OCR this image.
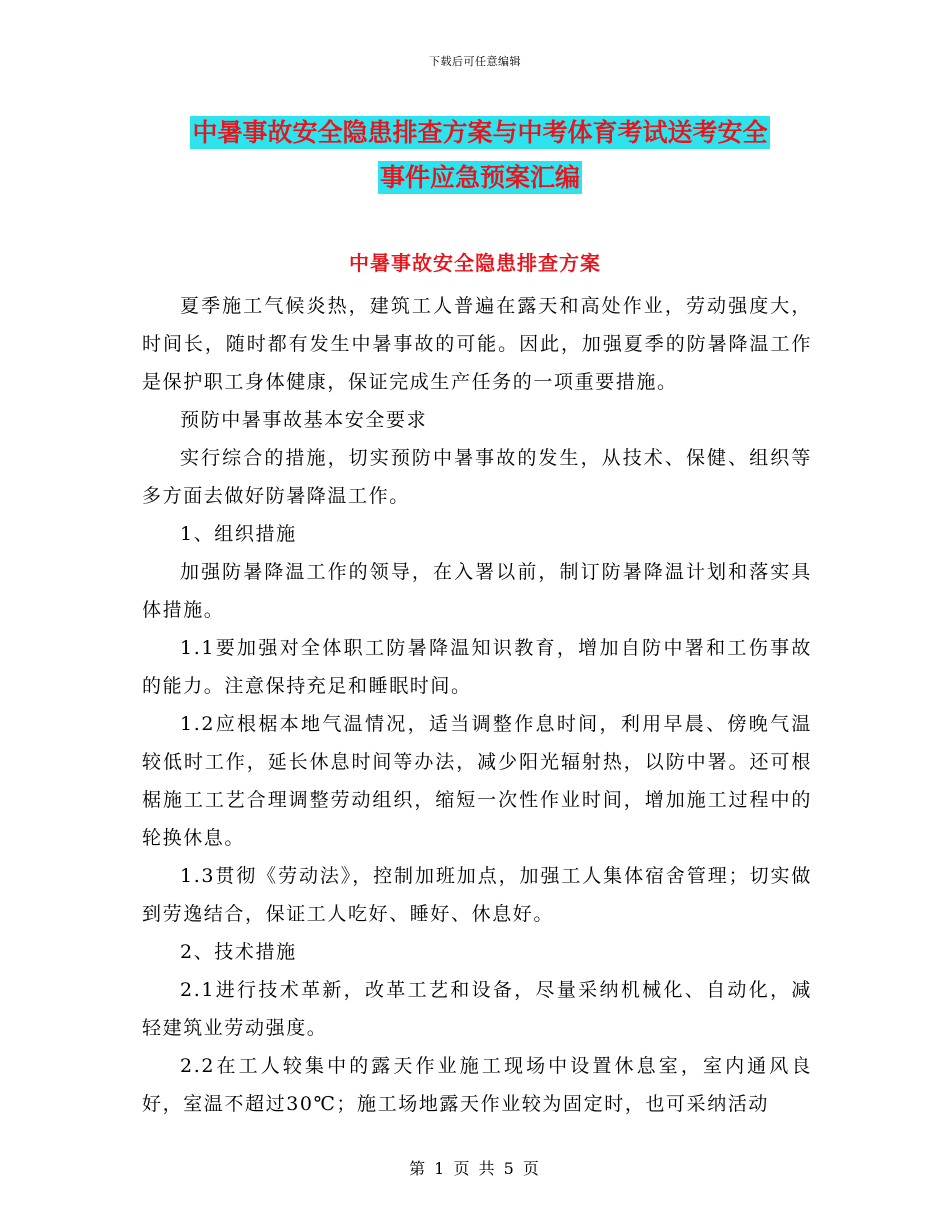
下载后可任意编辑
中暑事故安全隐患排查方案与中考体育考试送考安全
事件应急预案汇编
中暑事故安全隐患排查方案

夏季施工气候炎热，建筑工人普遍在露天和高处作业，劳动强度大，时间长，随时都有发生中暑事故的可能。因此，加强夏季的防暑降温工作是保护职工身体健康，保证完成生产任务的一项重要措施。

预防中暑事故基本安全要求

实行综合的措施，切实预防中暑事故的发生，从技术、保健、组织等多方面去做好防暑降温工作。

1、组织措施

加强防暑降温工作的领导，在入署以前，制订防暑降温计划和落实具体措施。

1.1要加强对全体职工防暑降温知识教育，增加自防中署和工伤事故的能力。注意保持充足和睡眠时间。

1.2应根椐本地气温情况，适当调整作息时间，利用早晨、傍晚气温较低时工作，延长休息时间等办法，减少阳光辐射热，以防中署。还可根椐施工工艺合理调整劳动组织，缩短一次性作业时间，增加施工过程中的轮换休息。

1.3贯彻《劳动法》，控制加班加点，加强工人集体宿舍管理；切实做到劳逸结合，保证工人吃好、睡好、休息好。

2、技术措施

2.1进行技术革新，改革工艺和设备，尽量采纳机械化、自动化，减轻建筑业劳动强度。

2.2在工人较集中的露天作业施工现场中设置休息室，室内通风良好，室温不超过30℃；施工场地露天作业较为固定时，也可采纳活动

第 1 页 共 5 页
